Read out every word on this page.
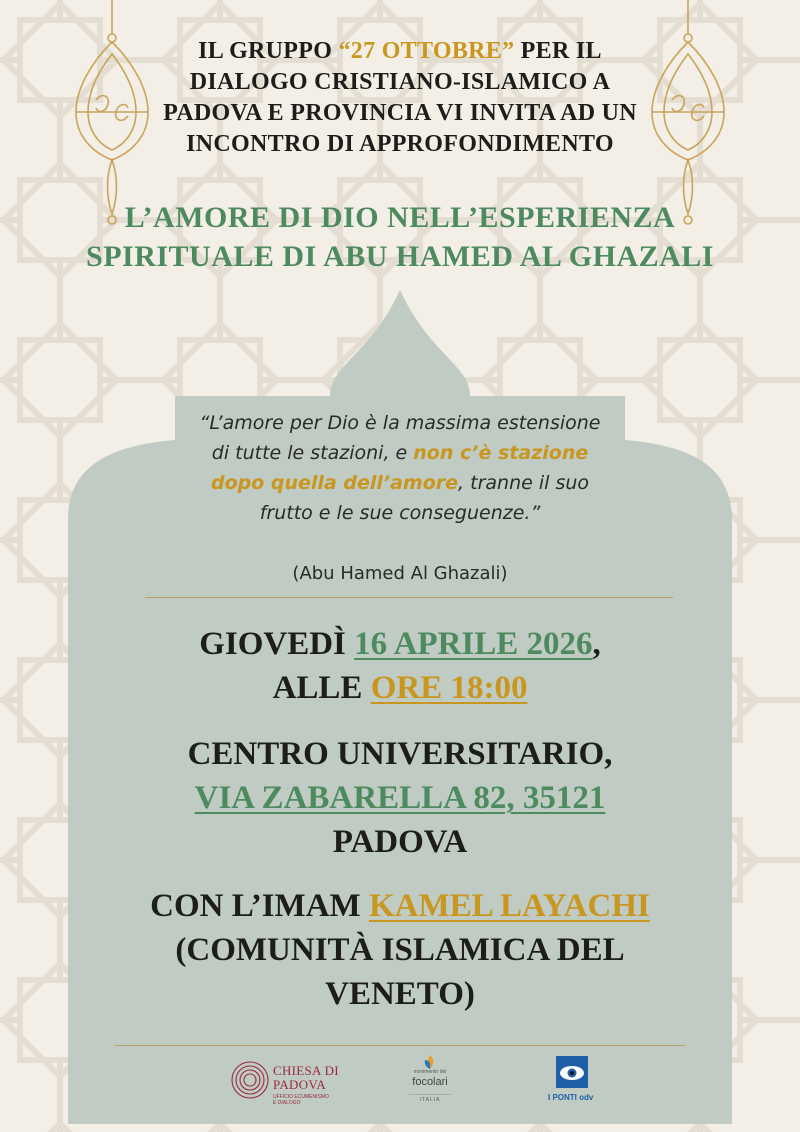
IL GRUPPO “27 OTTOBRE” PER IL
DIALOGO CRISTIANO-ISLAMICO A
PADOVA E PROVINCIA VI INVITA AD UN
INCONTRO DI APPROFONDIMENTO
L’AMORE DI DIO NELL’ESPERIENZA
SPIRITUALE DI ABU HAMED AL GHAZALI
“L’amore per Dio è la massima estensione di tutte le stazioni, e non c’è stazione dopo quella dell’amore, tranne il suo frutto e le sue conseguenze.”
(Abu Hamed Al Ghazali)
GIOVEDÌ 16 APRILE 2026,
ALLE ORE 18:00
CENTRO UNIVERSITARIO,
VIA ZABARELLA 82, 35121
PADOVA
CON L’IMAM KAMEL LAYACHI
(COMUNITÀ ISLAMICA DEL
VENETO)
CHIESA DI
PADOVA
UFFICIO ECUMENISMO E DIALOGO
movimento dei
focolari
ITALIA	I PONTI odv
